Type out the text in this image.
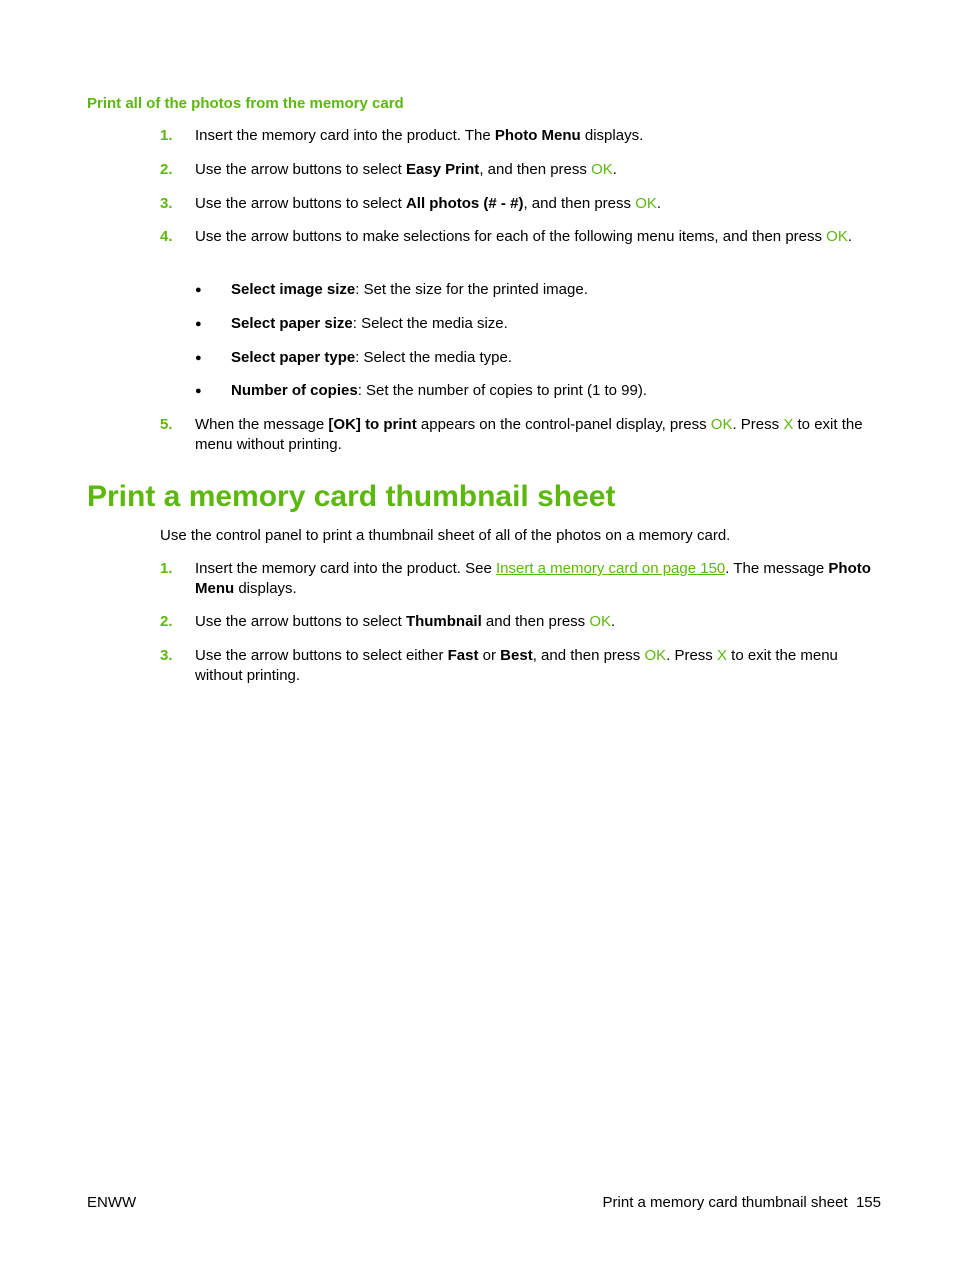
Print all of the photos from the memory card
1.	Insert the memory card into the product. The Photo Menu displays.
2.	Use the arrow buttons to select Easy Print, and then press OK.
3.	Use the arrow buttons to select All photos (# - #), and then press OK.
4.	Use the arrow buttons to make selections for each of the following menu items, and then press OK.
● Select image size: Set the size for the printed image.
● Select paper size: Select the media size.
● Select paper type: Select the media type.
● Number of copies: Set the number of copies to print (1 to 99).
5.	When the message [OK] to print appears on the control-panel display, press OK. Press X to exit the menu without printing.
Print a memory card thumbnail sheet
Use the control panel to print a thumbnail sheet of all of the photos on a memory card.
1.	Insert the memory card into the product. See Insert a memory card on page 150. The message Photo Menu displays.
2.	Use the arrow buttons to select Thumbnail and then press OK.
3.	Use the arrow buttons to select either Fast or Best, and then press OK. Press X to exit the menu without printing.
ENWW	Print a memory card thumbnail sheet 155
